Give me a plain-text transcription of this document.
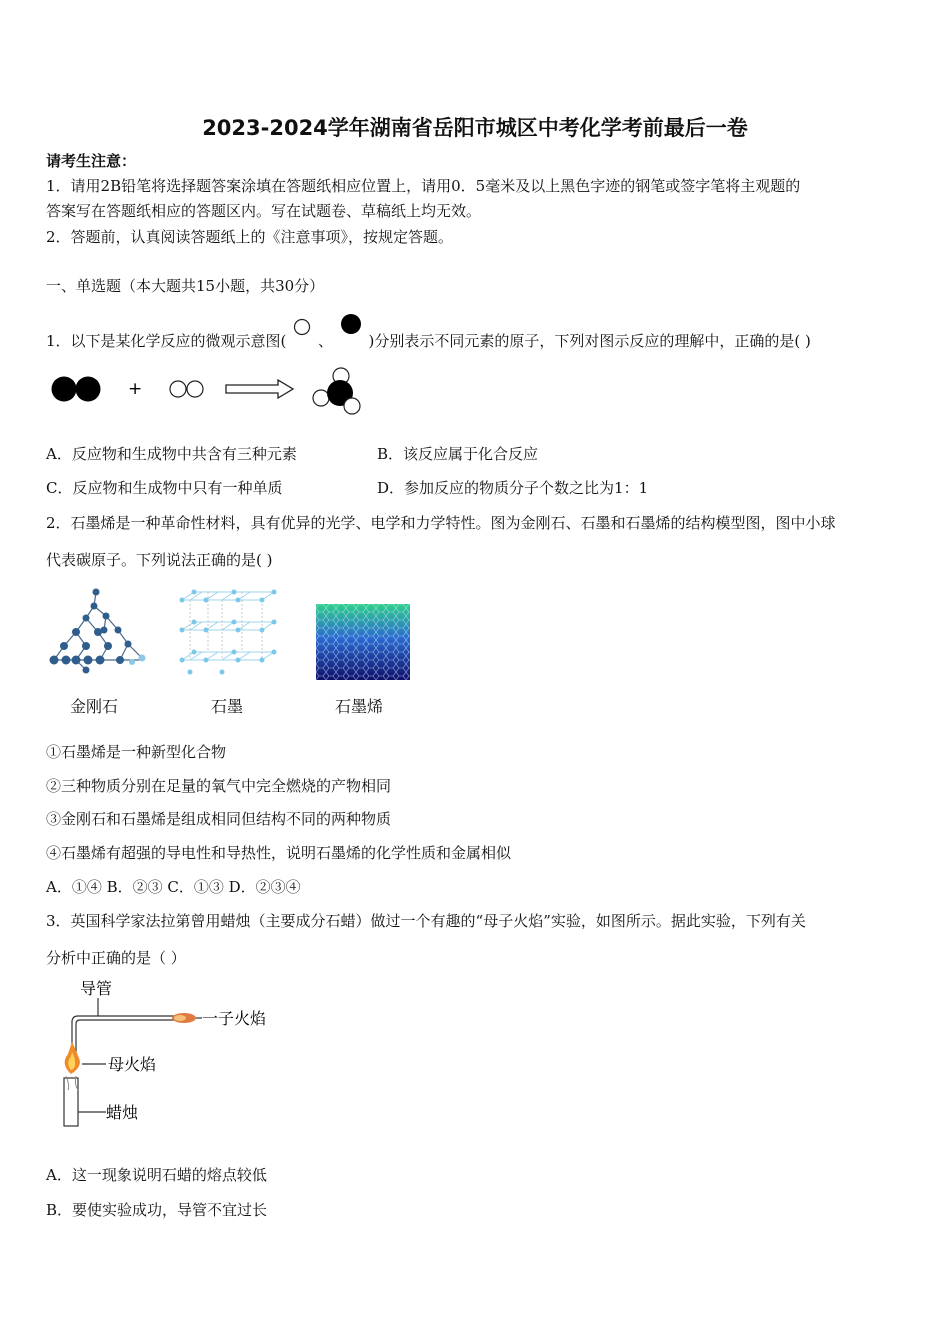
2023-2024学年湖南省岳阳市城区中考化学考前最后一卷
请考生注意：
1．请用2B铅笔将选择题答案涂填在答题纸相应位置上，请用0．5毫米及以上黑色字迹的钢笔或签字笔将主观题的
答案写在答题纸相应的答题区内。写在试题卷、草稿纸上均无效。
2．答题前，认真阅读答题纸上的《注意事项》，按规定答题。
一、单选题（本大题共15小题，共30分）
1．以下是某化学反应的微观示意图( 、 )分别表示不同元素的原子，下列对图示反应的理解中，正确的是( )
+
A．反应物和生成物中共含有三种元素	B．该反应属于化合反应
C．反应物和生成物中只有一种单质	D．参加反应的物质分子个数之比为1：1
2．石墨烯是一种革命性材料，具有优异的光学、电学和力学特性。图为金刚石、石墨和石墨烯的结构模型图，图中小球
代表碳原子。下列说法正确的是( )
金刚石	石墨	石墨烯
①石墨烯是一种新型化合物
②三种物质分别在足量的氧气中完全燃烧的产物相同
③金刚石和石墨烯是组成相同但结构不同的两种物质
④石墨烯有超强的导电性和导热性，说明石墨烯的化学性质和金属相似
A．①④ B．②③ C．①③ D．②③④
3．英国科学家法拉第曾用蜡烛（主要成分石蜡）做过一个有趣的“母子火焰”实验，如图所示。据此实验，下列有关
分析中正确的是（ ）
导管
一子火焰
母火焰
蜡烛
A．这一现象说明石蜡的熔点较低
B．要使实验成功，导管不宜过长
